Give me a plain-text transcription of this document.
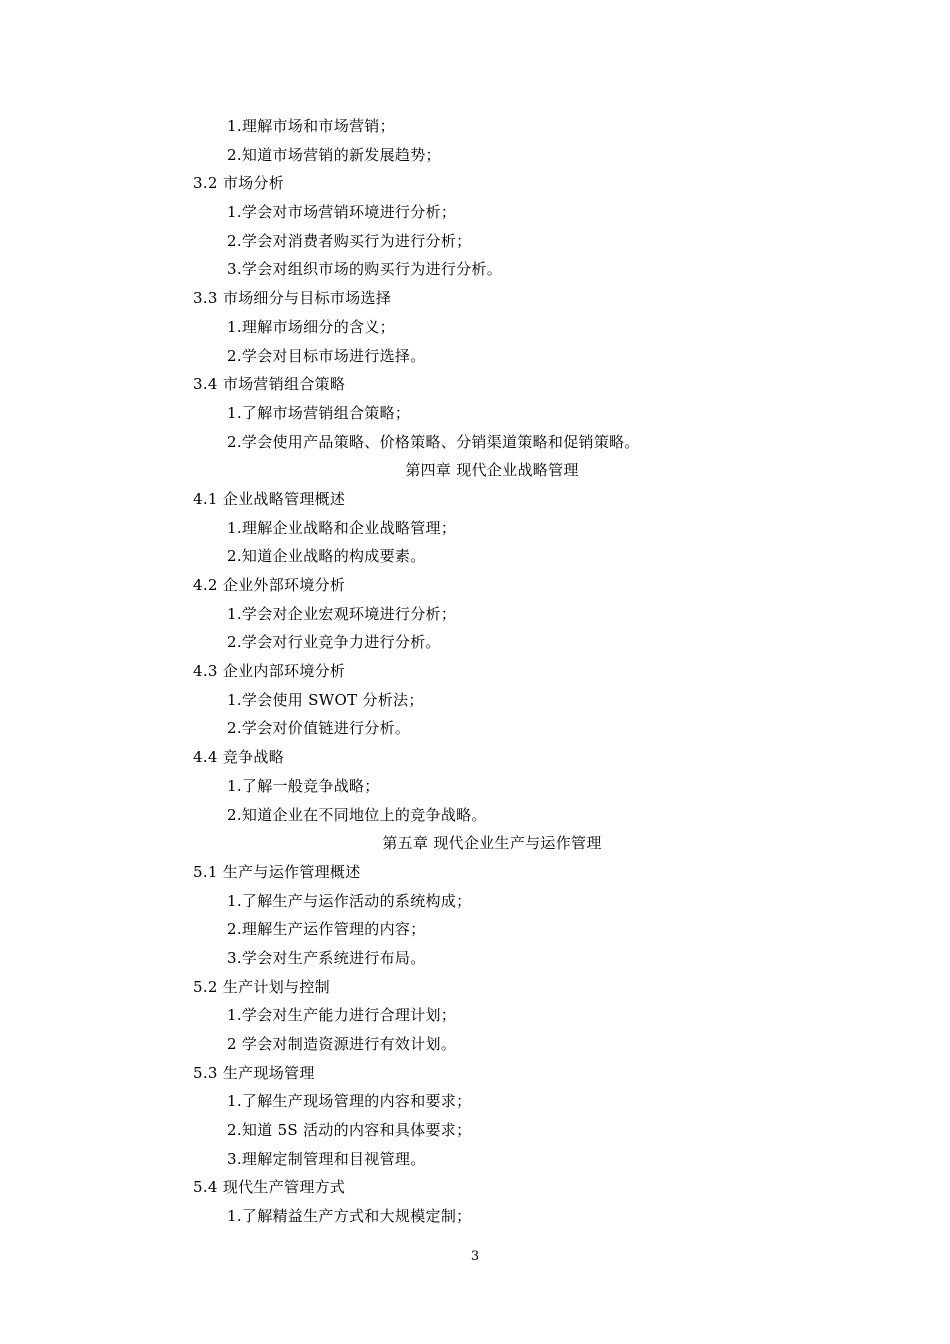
1.理解市场和市场营销；
2.知道市场营销的新发展趋势；
3.2 市场分析
1.学会对市场营销环境进行分析；
2.学会对消费者购买行为进行分析；
3.学会对组织市场的购买行为进行分析。
3.3 市场细分与目标市场选择
1.理解市场细分的含义；
2.学会对目标市场进行选择。
3.4 市场营销组合策略
1.了解市场营销组合策略；
2.学会使用产品策略、价格策略、分销渠道策略和促销策略。
第四章 现代企业战略管理
4.1 企业战略管理概述
1.理解企业战略和企业战略管理；
2.知道企业战略的构成要素。
4.2 企业外部环境分析
1.学会对企业宏观环境进行分析；
2.学会对行业竞争力进行分析。
4.3 企业内部环境分析
1.学会使用 SWOT 分析法；
2.学会对价值链进行分析。
4.4 竞争战略
1.了解一般竞争战略；
2.知道企业在不同地位上的竞争战略。
第五章 现代企业生产与运作管理
5.1 生产与运作管理概述
1.了解生产与运作活动的系统构成；
2.理解生产运作管理的内容；
3.学会对生产系统进行布局。
5.2 生产计划与控制
1.学会对生产能力进行合理计划；
2 学会对制造资源进行有效计划。
5.3 生产现场管理
1.了解生产现场管理的内容和要求；
2.知道 5S 活动的内容和具体要求；
3.理解定制管理和目视管理。
5.4 现代生产管理方式
1.了解精益生产方式和大规模定制；
3
